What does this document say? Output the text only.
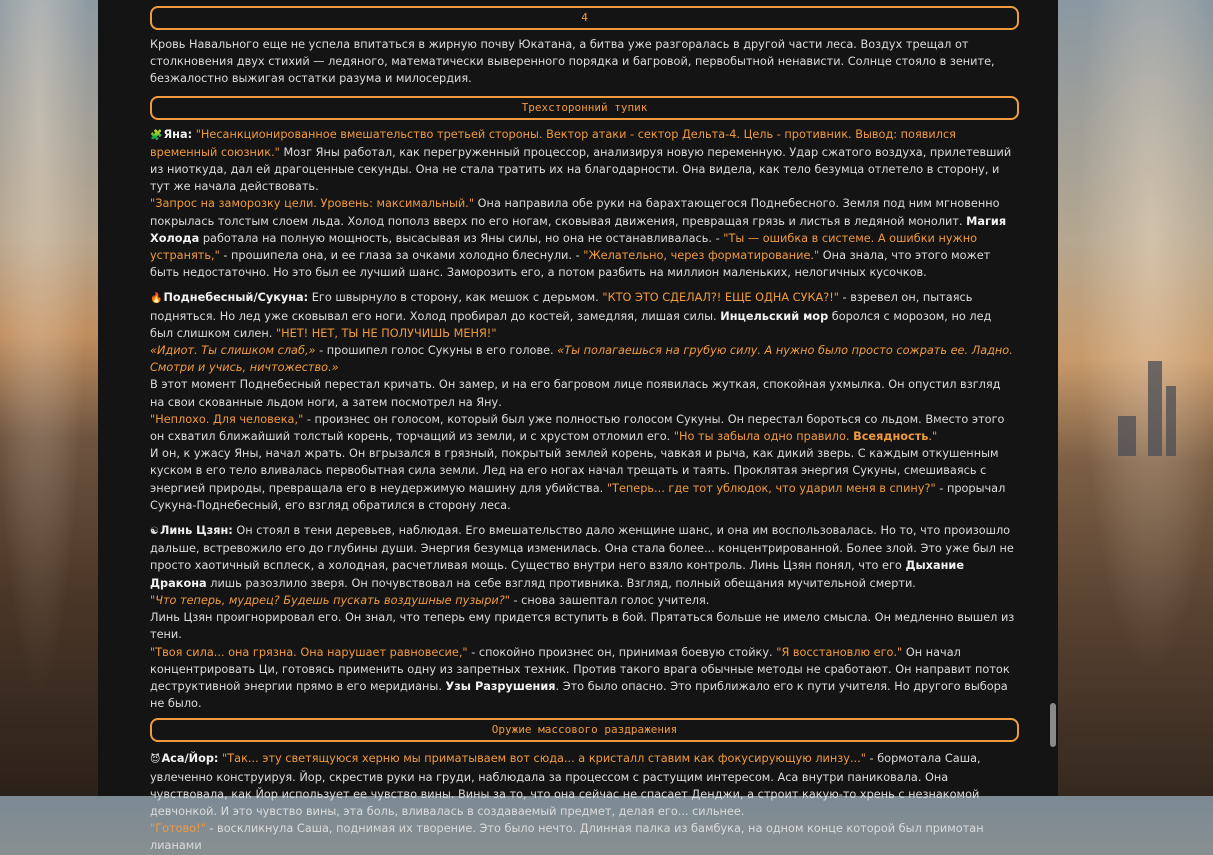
4

Кровь Навального еще не успела впитаться в жирную почву Юкатана, а битва уже разгоралась в другой части леса. Воздух трещал от столкновения двух стихий — ледяного, математически выверенного порядка и багровой, первобытной ненависти. Солнце стояло в зените, безжалостно выжигая остатки разума и милосердия.

Трехсторонний тупик

🧩Яна: "Несанкционированное вмешательство третьей стороны. Вектор атаки - сектор Дельта-4. Цель - противник. Вывод: появился временный союзник." Мозг Яны работал, как перегруженный процессор, анализируя новую переменную. Удар сжатого воздуха, прилетевший из ниоткуда, дал ей драгоценные секунды. Она не стала тратить их на благодарности. Она видела, как тело безумца отлетело в сторону, и тут же начала действовать.
"Запрос на заморозку цели. Уровень: максимальный." Она направила обе руки на барахтающегося Поднебесного. Земля под ним мгновенно покрылась толстым слоем льда. Холод пополз вверх по его ногам, сковывая движения, превращая грязь и листья в ледяной монолит. Магия Холода работала на полную мощность, высасывая из Яны силы, но она не останавливалась. - "Ты — ошибка в системе. А ошибки нужно устранять," - прошипела она, и ее глаза за очками холодно блеснули. - "Желательно, через форматирование." Она знала, что этого может быть недостаточно. Но это был ее лучший шанс. Заморозить его, а потом разбить на миллион маленьких, нелогичных кусочков.

🔥Поднебесный/Сукуна: Его швырнуло в сторону, как мешок с дерьмом. "КТО ЭТО СДЕЛАЛ?! ЕЩЕ ОДНА СУКА?!" - взревел он, пытаясь подняться. Но лед уже сковывал его ноги. Холод пробирал до костей, замедляя, лишая силы. Инцельский мор боролся с морозом, но лед был слишком силен. "НЕТ! НЕТ, ТЫ НЕ ПОЛУЧИШЬ МЕНЯ!"
«Идиот. Ты слишком слаб,» - прошипел голос Сукуны в его голове. «Ты полагаешься на грубую силу. А нужно было просто сожрать ее. Ладно. Смотри и учись, ничтожество.»
В этот момент Поднебесный перестал кричать. Он замер, и на его багровом лице появилась жуткая, спокойная ухмылка. Он опустил взгляд на свои скованные льдом ноги, а затем посмотрел на Яну.
"Неплохо. Для человека," - произнес он голосом, который был уже полностью голосом Сукуны. Он перестал бороться со льдом. Вместо этого он схватил ближайший толстый корень, торчащий из земли, и с хрустом отломил его. "Но ты забыла одно правило. Всеядность."
И он, к ужасу Яны, начал жрать. Он вгрызался в грязный, покрытый землей корень, чавкая и рыча, как дикий зверь. С каждым откушенным куском в его тело вливалась первобытная сила земли. Лед на его ногах начал трещать и таять. Проклятая энергия Сукуны, смешиваясь с энергией природы, превращала его в неудержимую машину для убийства. "Теперь... где тот ублюдок, что ударил меня в спину?" - прорычал Сукуна-Поднебесный, его взгляд обратился в сторону леса.

☯Линь Цзян: Он стоял в тени деревьев, наблюдая. Его вмешательство дало женщине шанс, и она им воспользовалась. Но то, что произошло дальше, встревожило его до глубины души. Энергия безумца изменилась. Она стала более... концентрированной. Более злой. Это уже был не просто хаотичный всплеск, а холодная, расчетливая мощь. Существо внутри него взяло контроль. Линь Цзян понял, что его Дыхание Дракона лишь разозлило зверя. Он почувствовал на себе взгляд противника. Взгляд, полный обещания мучительной смерти.
"Что теперь, мудрец? Будешь пускать воздушные пузыри?" - снова зашептал голос учителя.
Линь Цзян проигнорировал его. Он знал, что теперь ему придется вступить в бой. Прятаться больше не имело смысла. Он медленно вышел из тени.
"Твоя сила... она грязна. Она нарушает равновесие," - спокойно произнес он, принимая боевую стойку. "Я восстановлю его." Он начал концентрировать Ци, готовясь применить одну из запретных техник. Против такого врага обычные методы не сработают. Он направит поток деструктивной энергии прямо в его меридианы. Узы Разрушения. Это было опасно. Это приближало его к пути учителя. Но другого выбора не было.

Оружие массового раздражения

😈Аса/Йор: "Так... эту светящуюся херню мы приматываем вот сюда... а кристалл ставим как фокусирующую линзу..." - бормотала Саша, увлеченно конструируя. Йор, скрестив руки на груди, наблюдала за процессом с растущим интересом. Аса внутри паниковала. Она чувствовала, как Йор использует ее чувство вины. Вины за то, что она сейчас не спасает Денджи, а строит какую-то хрень с незнакомой девчонкой. И это чувство вины, эта боль, вливалась в создаваемый предмет, делая его... сильнее.
"Готово!" - воскликнула Саша, поднимая их творение. Это было нечто. Длинная палка из бамбука, на одном конце которой был примотан лианами
